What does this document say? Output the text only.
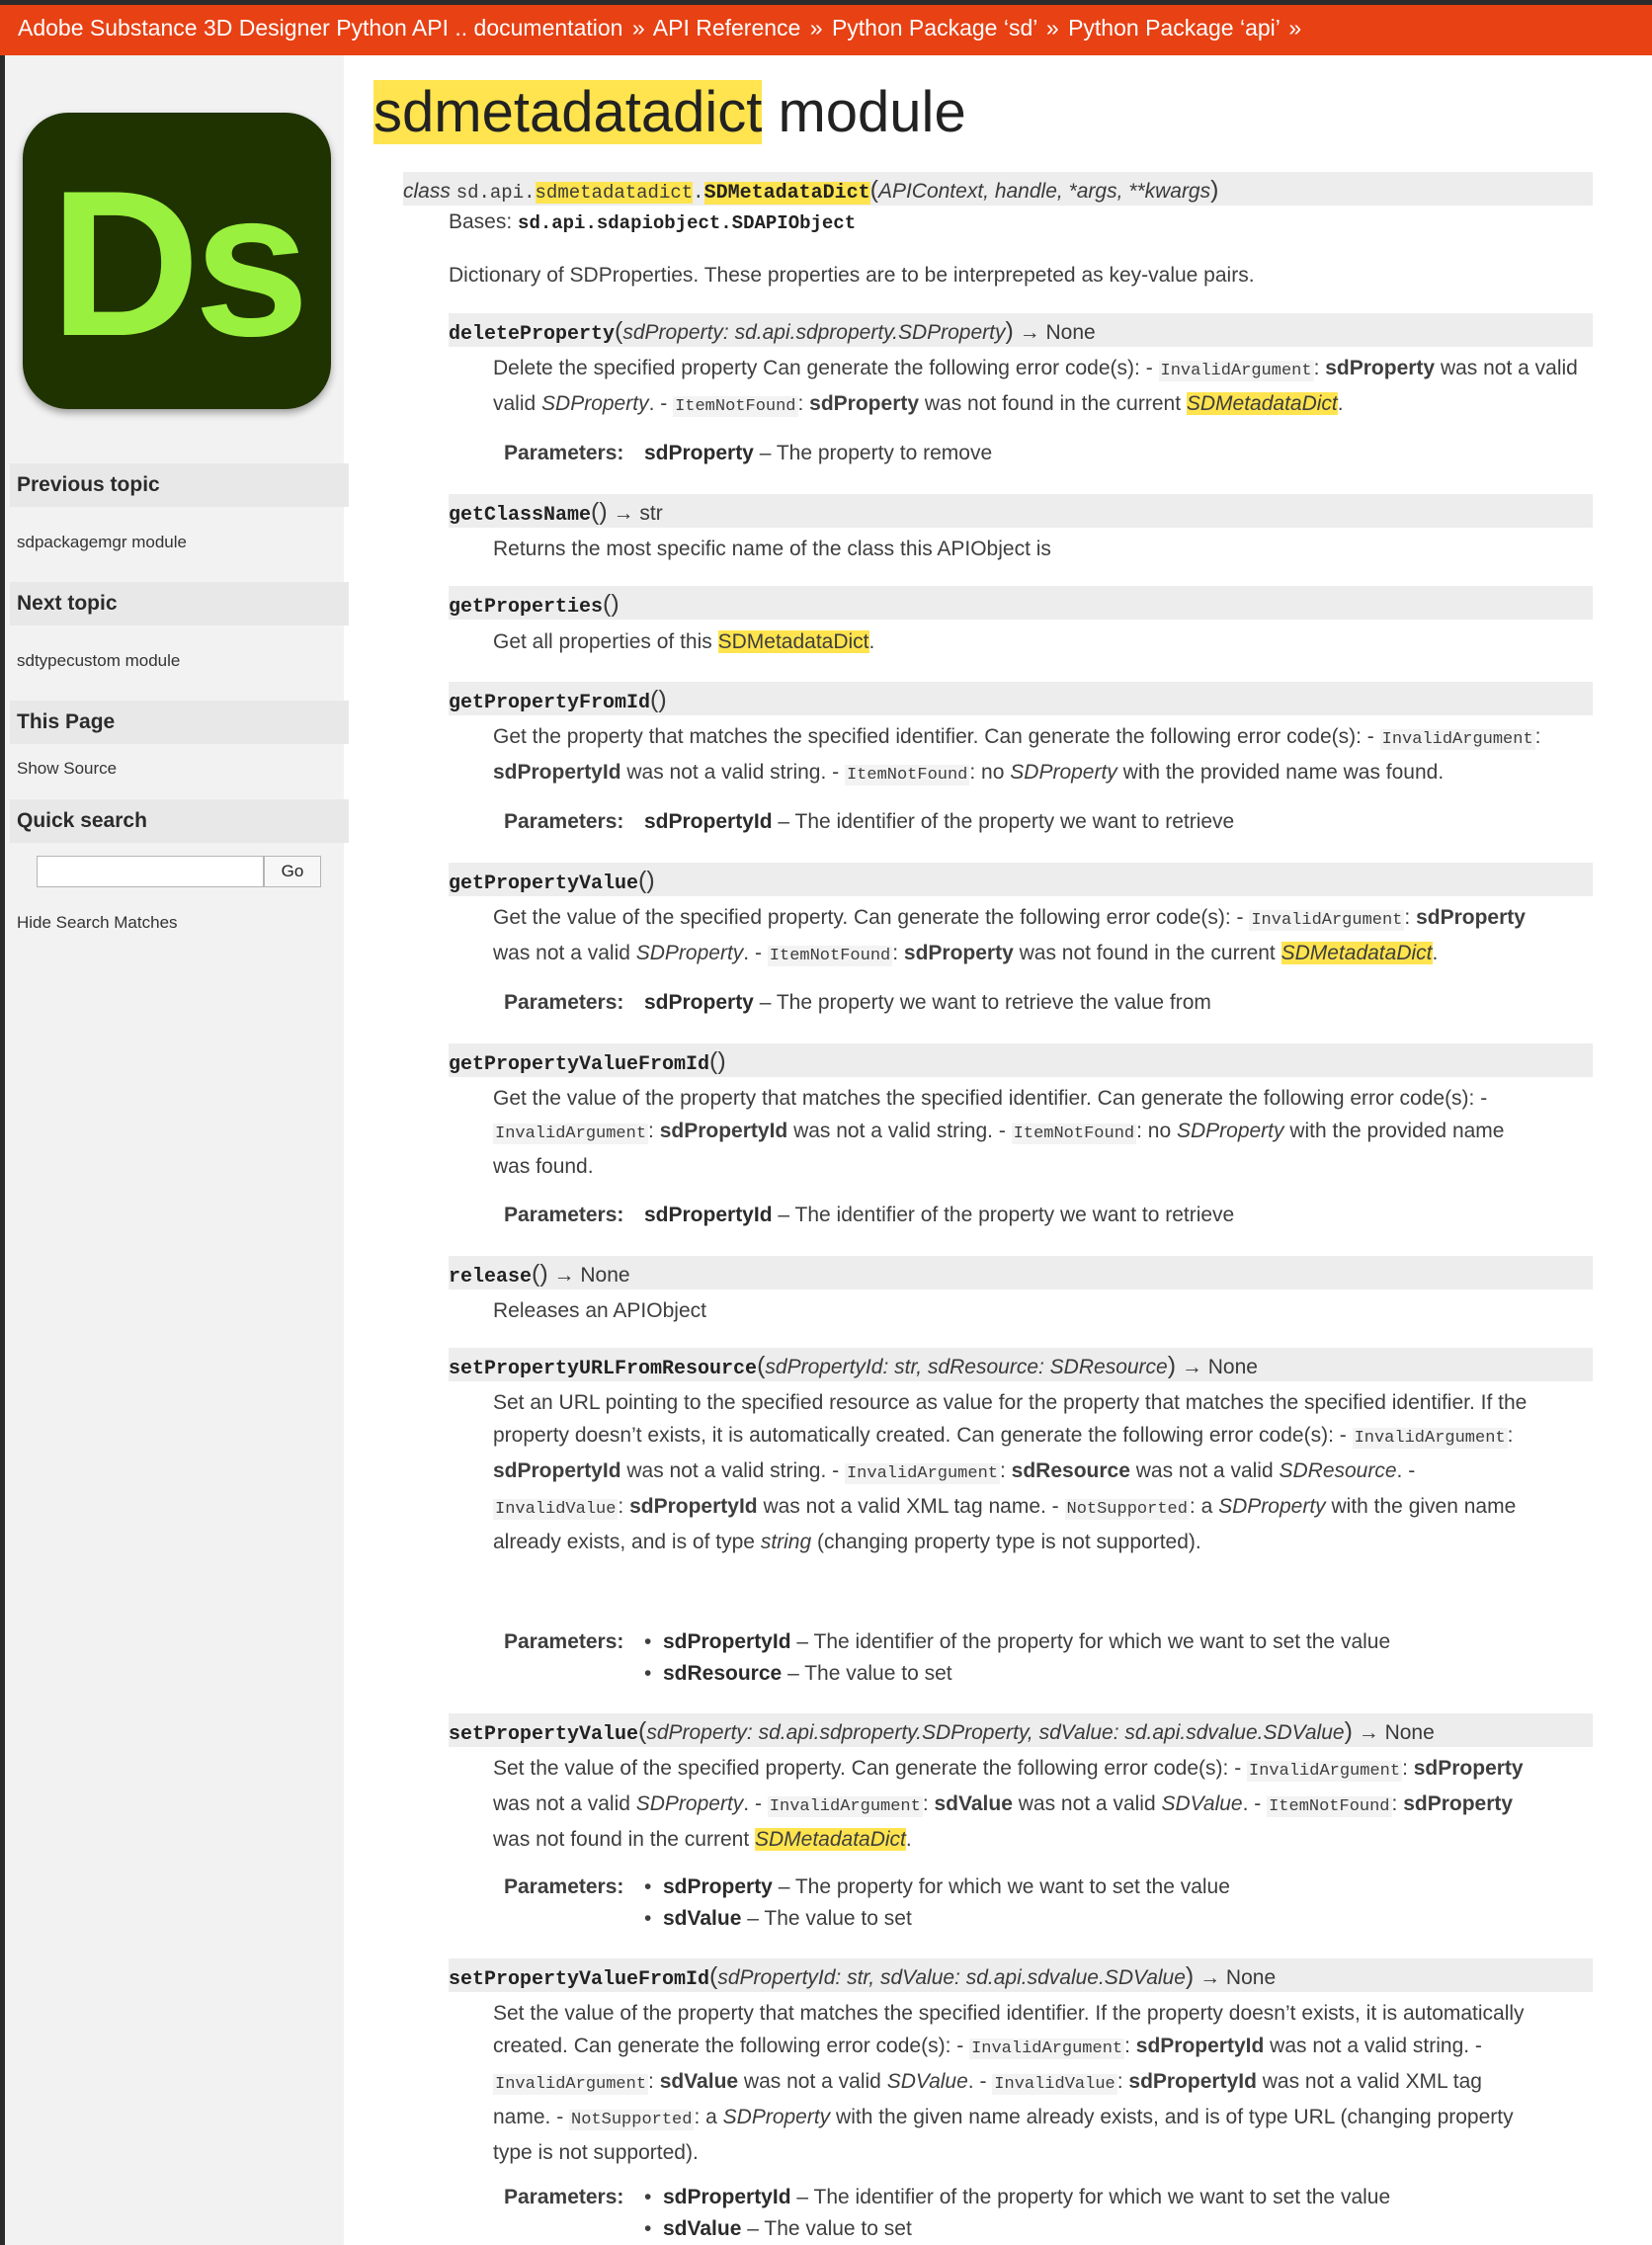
Adobe Substance 3D Designer Python API .. documentation » API Reference » Python Package ‘sd’ » Python Package ‘api’ »
Ds
Previous topic
sdpackagemgr module
Next topic
sdtypecustom module
This Page
Show Source
Quick search
Go
Hide Search Matches
sdmetadatadict module
class sd.api.sdmetadatadict.SDMetadataDict(APIContext, handle, *args, **kwargs)
Bases: sd.api.sdapiobject.SDAPIObject
Dictionary of SDProperties. These properties are to be interprepeted as key-value pairs.
deleteProperty(sdProperty: sd.api.sdproperty.SDProperty) → None
Delete the specified property Can generate the following error code(s): - InvalidArgument: sdProperty was not a valid
valid SDProperty. - ItemNotFound: sdProperty was not found in the current SDMetadataDict.
Parameters: sdProperty – The property to remove
getClassName() → str
Returns the most specific name of the class this APIObject is
getProperties()
Get all properties of this SDMetadataDict.
getPropertyFromId()
Get the property that matches the specified identifier. Can generate the following error code(s): - InvalidArgument:
sdPropertyId was not a valid string. - ItemNotFound: no SDProperty with the provided name was found.
Parameters: sdPropertyId – The identifier of the property we want to retrieve
getPropertyValue()
Get the value of the specified property. Can generate the following error code(s): - InvalidArgument: sdProperty
was not a valid SDProperty. - ItemNotFound: sdProperty was not found in the current SDMetadataDict.
Parameters: sdProperty – The property we want to retrieve the value from
getPropertyValueFromId()
Get the value of the property that matches the specified identifier. Can generate the following error code(s): -
InvalidArgument: sdPropertyId was not a valid string. - ItemNotFound: no SDProperty with the provided name
was found.
Parameters: sdPropertyId – The identifier of the property we want to retrieve
release() → None
Releases an APIObject
setPropertyURLFromResource(sdPropertyId: str, sdResource: SDResource) → None
Set an URL pointing to the specified resource as value for the property that matches the specified identifier. If the
property doesn’t exists, it is automatically created. Can generate the following error code(s): - InvalidArgument:
sdPropertyId was not a valid string. - InvalidArgument: sdResource was not a valid SDResource. -
InvalidValue: sdPropertyId was not a valid XML tag name. - NotSupported: a SDProperty with the given name
already exists, and is of type string (changing property type is not supported).
Parameters: • sdPropertyId – The identifier of the property for which we want to set the value
• sdResource – The value to set
setPropertyValue(sdProperty: sd.api.sdproperty.SDProperty, sdValue: sd.api.sdvalue.SDValue) → None
Set the value of the specified property. Can generate the following error code(s): - InvalidArgument: sdProperty
was not a valid SDProperty. - InvalidArgument: sdValue was not a valid SDValue. - ItemNotFound: sdProperty
was not found in the current SDMetadataDict.
Parameters: • sdProperty – The property for which we want to set the value
• sdValue – The value to set
setPropertyValueFromId(sdPropertyId: str, sdValue: sd.api.sdvalue.SDValue) → None
Set the value of the property that matches the specified identifier. If the property doesn’t exists, it is automatically
created. Can generate the following error code(s): - InvalidArgument: sdPropertyId was not a valid string. -
InvalidArgument: sdValue was not a valid SDValue. - InvalidValue: sdPropertyId was not a valid XML tag
name. - NotSupported: a SDProperty with the given name already exists, and is of type URL (changing property
type is not supported).
Parameters: • sdPropertyId – The identifier of the property for which we want to set the value
• sdValue – The value to set
